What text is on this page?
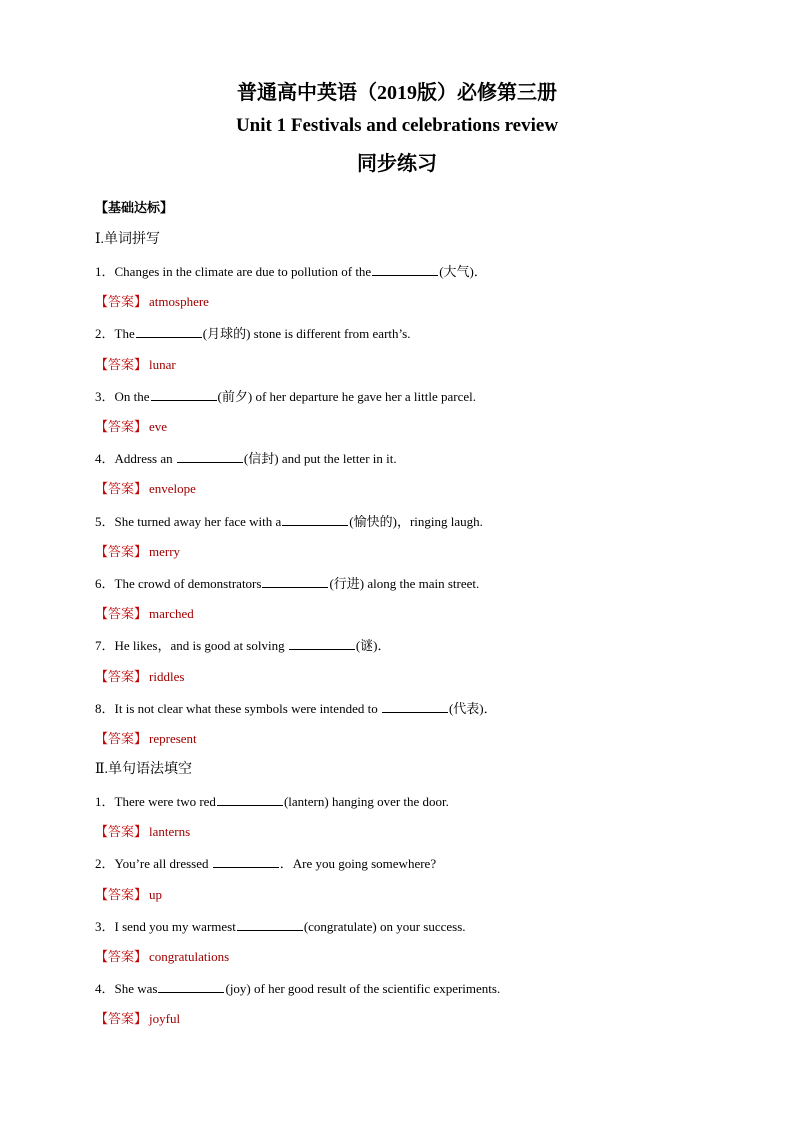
普通高中英语（2019版）必修第三册
Unit 1 Festivals and celebrations review
同步练习
【基础达标】
Ⅰ.单词拼写
1．Changes in the climate are due to pollution of the	(大气)．
【答案】 atmosphere
2．The	(月球的) stone is different from earth’s.
【答案】 lunar
3．On the	(前夕) of her departure he gave her a little parcel.
【答案】 eve
4．Address an	(信封) and put the letter in it.
【答案】 envelope
5．She turned away her face with a	(愉快的)，ringing laugh.
【答案】 merry
6．The crowd of demonstrators	(行进) along the main street.
【答案】 marched
7．He likes，and is good at solving	(谜)．
【答案】 riddles
8．It is not clear what these symbols were intended to	(代表)．
【答案】 represent
Ⅱ.单句语法填空
1．There were two red	(lantern) hanging over the door.
【答案】 lanterns
2．You’re all dressed	．Are you going somewhere?
【答案】 up
3．I send you my warmest	(congratulate) on your success.
【答案】 congratulations
4．She was	(joy) of her good result of the scientific experiments.
【答案】 joyful
